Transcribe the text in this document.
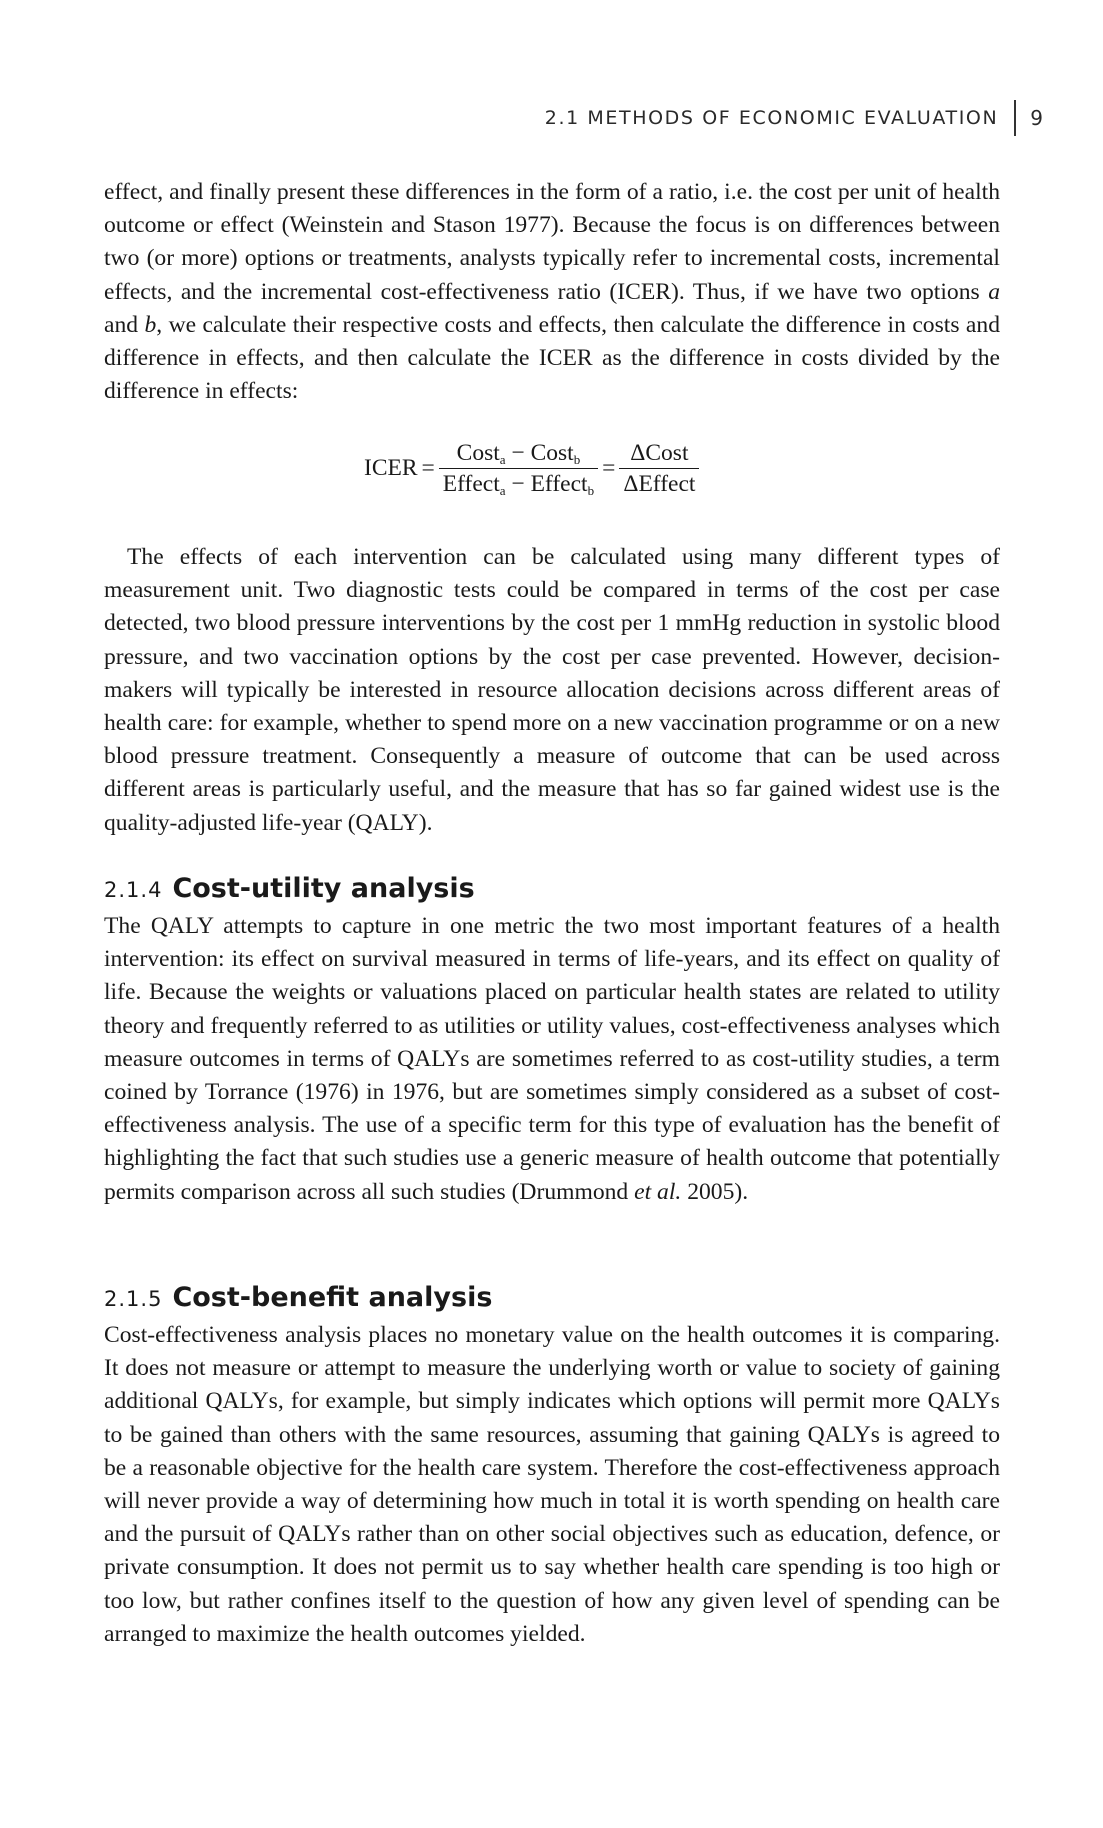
2.1 METHODS OF ECONOMIC EVALUATION 9

effect, and finally present these differences in the form of a ratio, i.e. the cost per unit of health outcome or effect (Weinstein and Stason 1977). Because the focus is on differences between two (or more) options or treatments, analysts typically refer to incremental costs, incremental effects, and the incremental cost-effectiveness ratio (ICER). Thus, if we have two options a and b, we calculate their respective costs and effects, then calculate the difference in costs and difference in effects, and then calculate the ICER as the difference in costs divided by the difference in effects:

ICER = $\frac{Cost_a - Cost_b}{Effect_a - Effect_b} = \frac{\text{ΔCost}}{\text{ΔEffect}}$

The effects of each intervention can be calculated using many different types of measurement unit. Two diagnostic tests could be compared in terms of the cost per case detected, two blood pressure interventions by the cost per 1 mmHg reduction in systolic blood pressure, and two vaccination options by the cost per case prevented. However, decision-makers will typically be interested in resource allocation decisions across different areas of health care: for example, whether to spend more on a new vaccination programme or on a new blood pressure treatment. Consequently a measure of outcome that can be used across different areas is particularly useful, and the measure that has so far gained widest use is the quality-adjusted life-year (QALY).

2.1.4 Cost-utility analysis

The QALY attempts to capture in one metric the two most important features of a health intervention: its effect on survival measured in terms of life-years, and its effect on quality of life. Because the weights or valuations placed on particular health states are related to utility theory and frequently referred to as utilities or utility values, cost-effectiveness analyses which measure outcomes in terms of QALYs are sometimes referred to as cost-utility studies, a term coined by Torrance (1976) in 1976, but are sometimes simply considered as a subset of cost-effectiveness analysis. The use of a specific term for this type of evaluation has the benefit of highlighting the fact that such studies use a generic measure of health outcome that potentially permits comparison across all such studies (Drummond et al. 2005).

2.1.5 Cost-benefit analysis

Cost-effectiveness analysis places no monetary value on the health outcomes it is comparing. It does not measure or attempt to measure the underlying worth or value to society of gaining additional QALYs, for example, but simply indicates which options will permit more QALYs to be gained than others with the same resources, assuming that gaining QALYs is agreed to be a reasonable objective for the health care system. Therefore the cost-effectiveness approach will never provide a way of determining how much in total it is worth spending on health care and the pursuit of QALYs rather than on other social objectives such as education, defence, or private consumption. It does not permit us to say whether health care spending is too high or too low, but rather confines itself to the question of how any given level of spending can be arranged to maximize the health outcomes yielded.
